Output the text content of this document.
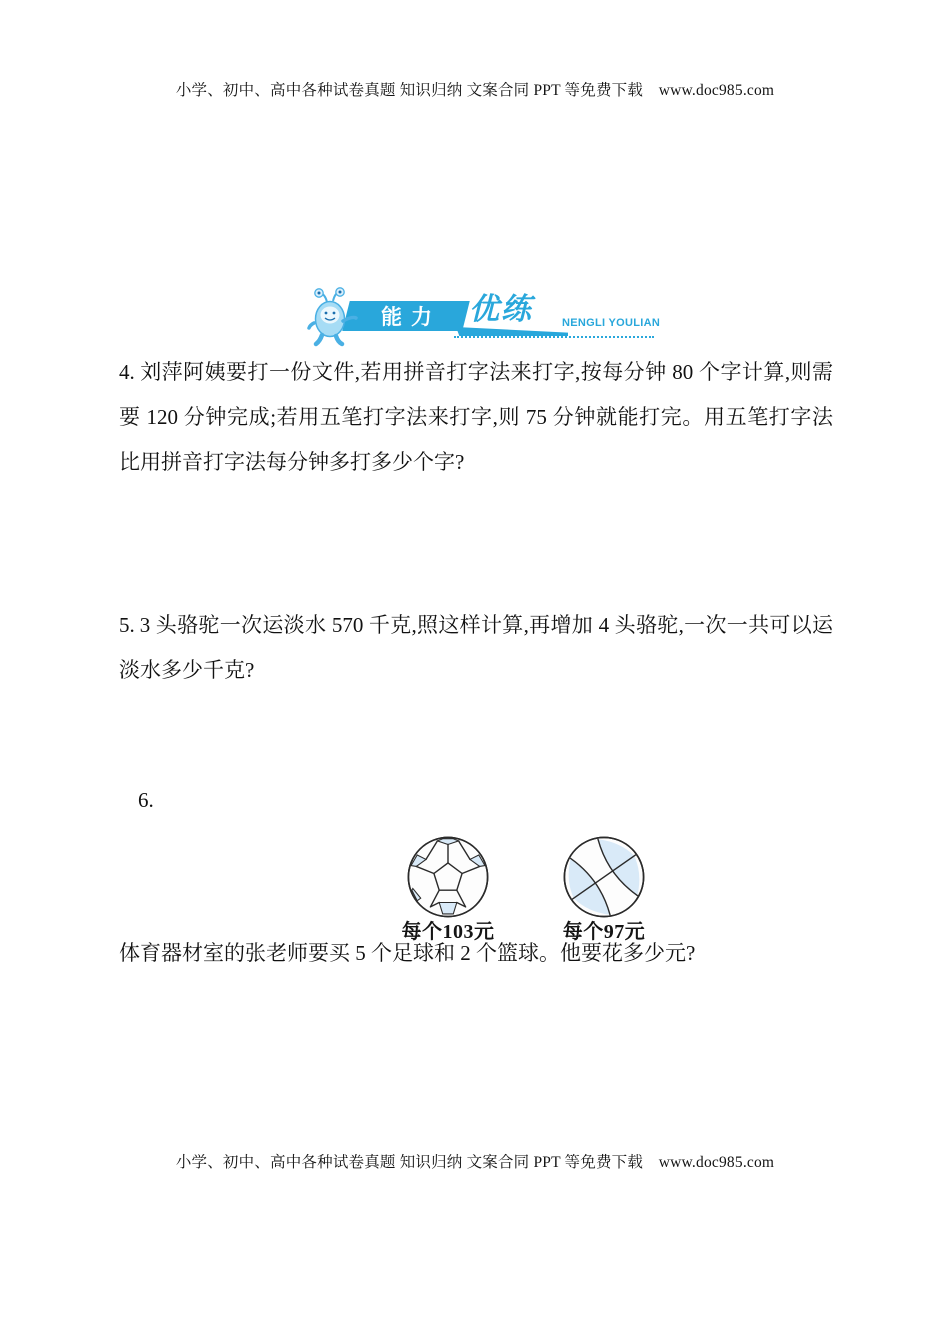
小学、初中、高中各种试卷真题 知识归纳 文案合同 PPT 等免费下载　www.doc985.com
能力 优练	NENGLI YOULIAN

4. 刘萍阿姨要打一份文件,若用拼音打字法来打字,按每分钟 80 个字计算,则需要 120 分钟完成;若用五笔打字法来打字,则 75 分钟就能打完。用五笔打字法比用拼音打字法每分钟多打多少个字?

5. 3 头骆驼一次运淡水 570 千克,照这样计算,再增加 4 头骆驼,一次一共可以运淡水多少千克?

6.
每个103元	每个97元

体育器材室的张老师要买 5 个足球和 2 个篮球。他要花多少元?

小学、初中、高中各种试卷真题 知识归纳 文案合同 PPT 等免费下载　www.doc985.com
